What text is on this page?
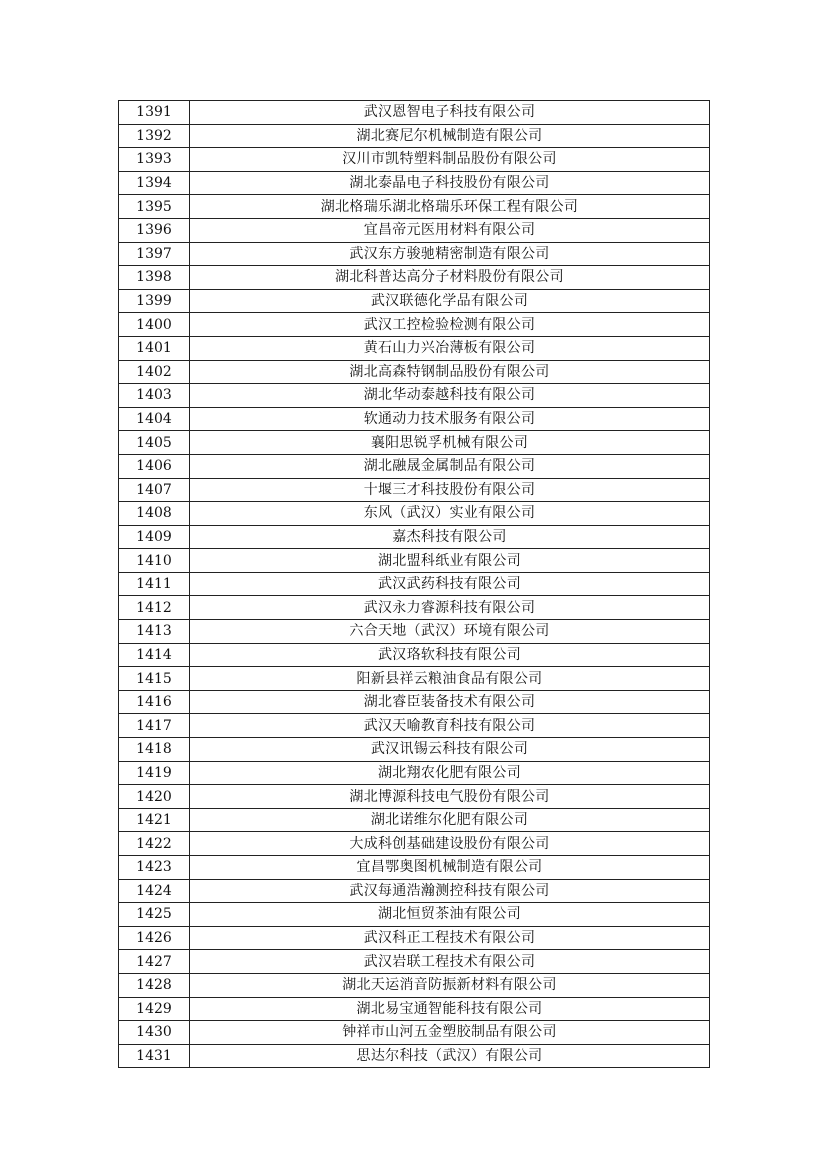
1391	武汉恩智电子科技有限公司
1392	湖北赛尼尔机械制造有限公司
1393	汉川市凯特塑料制品股份有限公司
1394	湖北泰晶电子科技股份有限公司
1395	湖北格瑞乐湖北格瑞乐环保工程有限公司
1396	宜昌帝元医用材料有限公司
1397	武汉东方骏驰精密制造有限公司
1398	湖北科普达高分子材料股份有限公司
1399	武汉联德化学品有限公司
1400	武汉工控检验检测有限公司
1401	黄石山力兴冶薄板有限公司
1402	湖北高森特钢制品股份有限公司
1403	湖北华动泰越科技有限公司
1404	软通动力技术服务有限公司
1405	襄阳思锐孚机械有限公司
1406	湖北融晟金属制品有限公司
1407	十堰三才科技股份有限公司
1408	东风（武汉）实业有限公司
1409	嘉杰科技有限公司
1410	湖北盟科纸业有限公司
1411	武汉武药科技有限公司
1412	武汉永力睿源科技有限公司
1413	六合天地（武汉）环境有限公司
1414	武汉珞软科技有限公司
1415	阳新县祥云粮油食品有限公司
1416	湖北睿臣装备技术有限公司
1417	武汉天喻教育科技有限公司
1418	武汉讯锡云科技有限公司
1419	湖北翔农化肥有限公司
1420	湖北博源科技电气股份有限公司
1421	湖北诺维尔化肥有限公司
1422	大成科创基础建设股份有限公司
1423	宜昌鄂奥图机械制造有限公司
1424	武汉每通浩瀚测控科技有限公司
1425	湖北恒贸茶油有限公司
1426	武汉科正工程技术有限公司
1427	武汉岩联工程技术有限公司
1428	湖北天运消音防振新材料有限公司
1429	湖北易宝通智能科技有限公司
1430	钟祥市山河五金塑胶制品有限公司
1431	思达尔科技（武汉）有限公司
